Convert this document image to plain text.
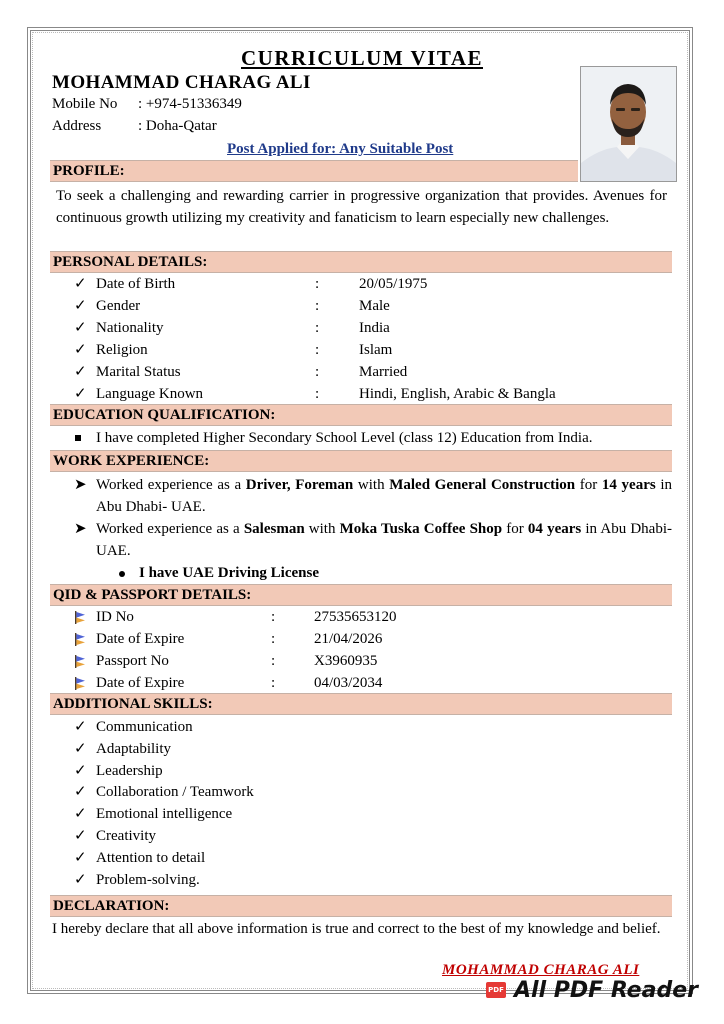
CURRICULUM VITAE
MOHAMMAD CHARAG ALI
Mobile No : +974-51336349
Address : Doha-Qatar
Post Applied for: Any Suitable Post
PROFILE:
To seek a challenging and rewarding carrier in progressive organization that provides. Avenues for continuous growth utilizing my creativity and fanaticism to learn especially new challenges.
PERSONAL DETAILS:
✓ Date of Birth	:	20/05/1975
✓ Gender	:	Male
✓ Nationality	:	India
✓ Religion	:	Islam
✓ Marital Status	:	Married
✓ Language Known	:	Hindi, English, Arabic & Bangla
EDUCATION QUALIFICATION:
I have completed Higher Secondary School Level (class 12) Education from India.
WORK EXPERIENCE:
➤ Worked experience as a Driver, Foreman with Maled General Construction for 14 years in Abu Dhabi- UAE.
➤ Worked experience as a Salesman with Moka Tuska Coffee Shop for 04 years in Abu Dhabi- UAE.
I have UAE Driving License
QID & PASSPORT DETAILS:
ID No	:	27535653120
Date of Expire	:	21/04/2026
Passport No	:	X3960935
Date of Expire	:	04/03/2034
ADDITIONAL SKILLS:
✓ Communication
✓ Adaptability
✓ Leadership
✓ Collaboration / Teamwork
✓ Emotional intelligence
✓ Creativity
✓ Attention to detail
✓ Problem-solving.
DECLARATION:
I hereby declare that all above information is true and correct to the best of my knowledge and belief.
MOHAMMAD CHARAG ALI
PDF All PDF Reader
